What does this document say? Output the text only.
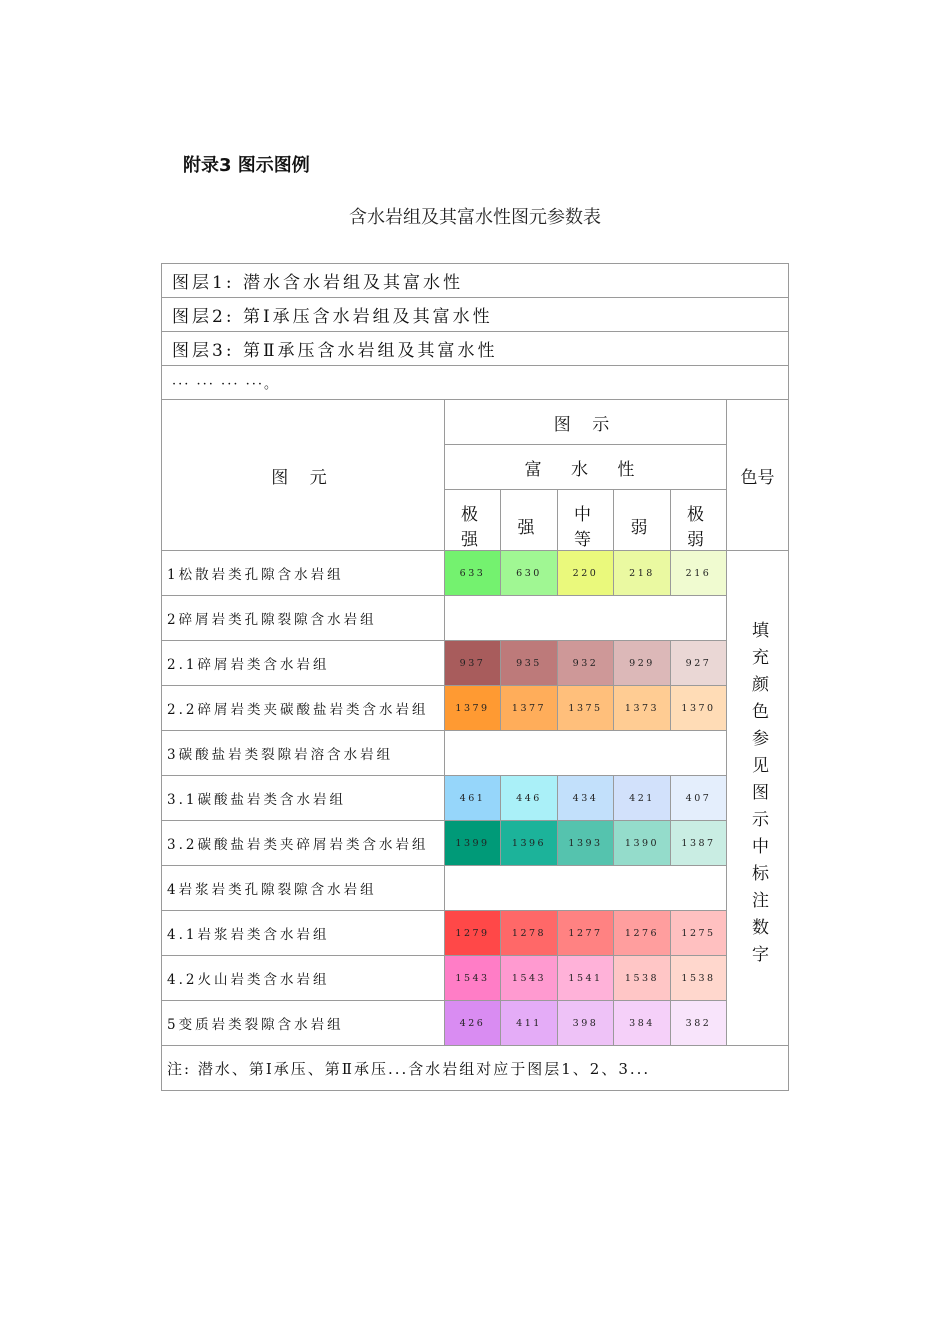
附录3 图示图例
含水岩组及其富水性图元参数表
图层1: 潜水含水岩组及其富水性						
图层2: 第Ⅰ承压含水岩组及其富水性						
图层3: 第Ⅱ承压含水岩组及其富水性						
··· ··· ··· ···。						
图 元	图 示					色号
	富 水 性					
	极 强	强	中 等	弱	极 弱	
1松散岩类孔隙含水岩组	633	630	220	218	216	填充颜色参见图示中标注数字
2碎屑岩类孔隙裂隙含水岩组						
2.1碎屑岩类含水岩组	937	935	932	929	927	
2.2碎屑岩类夹碳酸盐岩类含水岩组	1379	1377	1375	1373	1370	
3碳酸盐岩类裂隙岩溶含水岩组						
3.1碳酸盐岩类含水岩组	461	446	434	421	407	
3.2碳酸盐岩类夹碎屑岩类含水岩组	1399	1396	1393	1390	1387	
4岩浆岩类孔隙裂隙含水岩组						
4.1岩浆岩类含水岩组	1279	1278	1277	1276	1275	
4.2火山岩类含水岩组	1543	1543	1541	1538	1538	
5变质岩类裂隙含水岩组	426	411	398	384	382	
注: 潜水、第Ⅰ承压、第Ⅱ承压...含水岩组对应于图层1、2、3...						
